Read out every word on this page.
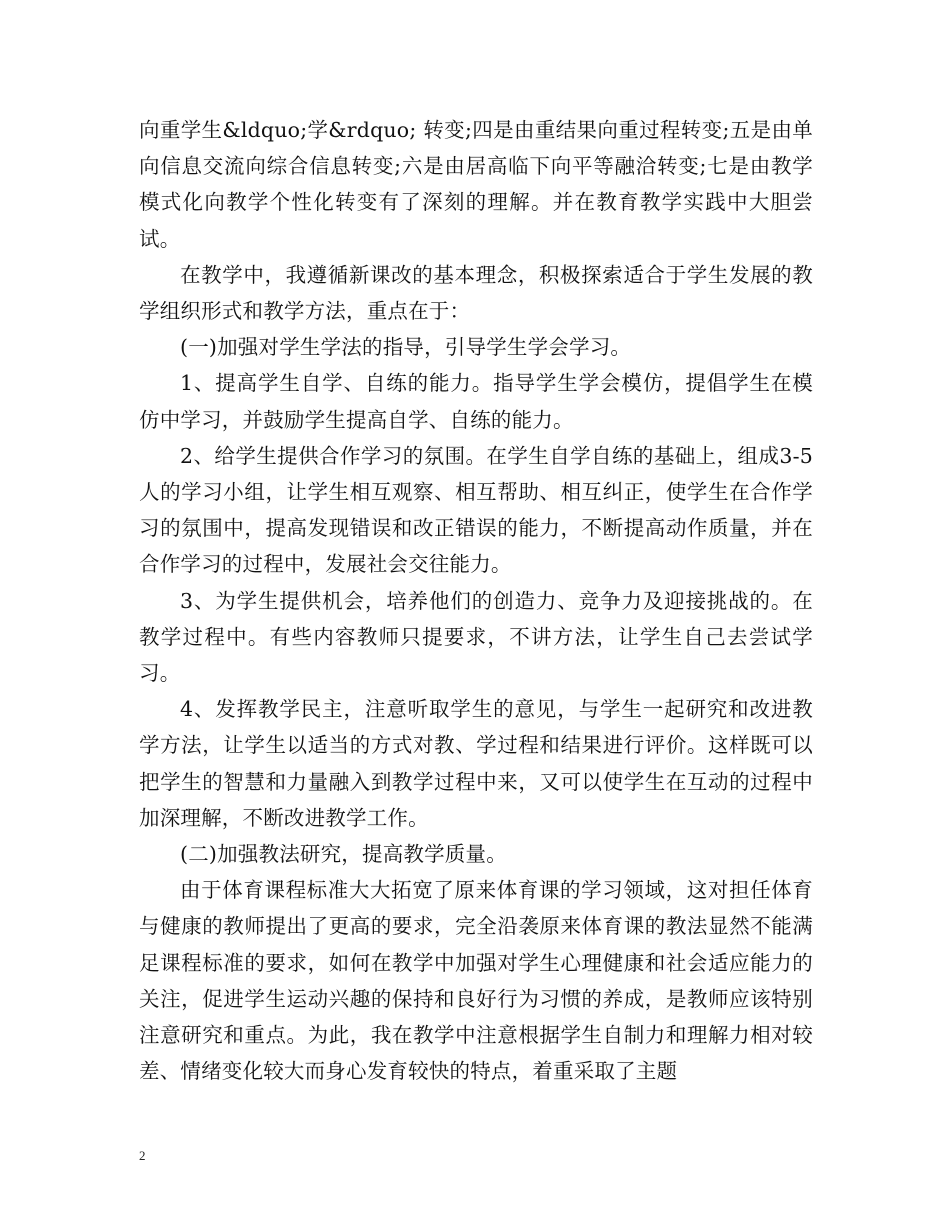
向重学生&ldquo;学&rdquo; 转变;四是由重结果向重过程转变;五是由单向信息交流向综合信息转变;六是由居高临下向平等融洽转变;七是由教学模式化向教学个性化转变有了深刻的理解。并在教育教学实践中大胆尝试。

在教学中，我遵循新课改的基本理念，积极探索适合于学生发展的教学组织形式和教学方法，重点在于：

(一)加强对学生学法的指导，引导学生学会学习。

1、提高学生自学、自练的能力。指导学生学会模仿，提倡学生在模仿中学习，并鼓励学生提高自学、自练的能力。

2、给学生提供合作学习的氛围。在学生自学自练的基础上，组成3-5人的学习小组，让学生相互观察、相互帮助、相互纠正，使学生在合作学习的氛围中，提高发现错误和改正错误的能力，不断提高动作质量，并在合作学习的过程中，发展社会交往能力。

3、为学生提供机会，培养他们的创造力、竞争力及迎接挑战的。在教学过程中。有些内容教师只提要求，不讲方法，让学生自己去尝试学习。

4、发挥教学民主，注意听取学生的意见，与学生一起研究和改进教学方法，让学生以适当的方式对教、学过程和结果进行评价。这样既可以把学生的智慧和力量融入到教学过程中来，又可以使学生在互动的过程中加深理解，不断改进教学工作。

(二)加强教法研究，提高教学质量。

由于体育课程标准大大拓宽了原来体育课的学习领域，这对担任体育与健康的教师提出了更高的要求，完全沿袭原来体育课的教法显然不能满足课程标准的要求，如何在教学中加强对学生心理健康和社会适应能力的关注，促进学生运动兴趣的保持和良好行为习惯的养成，是教师应该特别注意研究和重点。为此，我在教学中注意根据学生自制力和理解力相对较差、情绪变化较大而身心发育较快的特点，着重采取了主题

2
